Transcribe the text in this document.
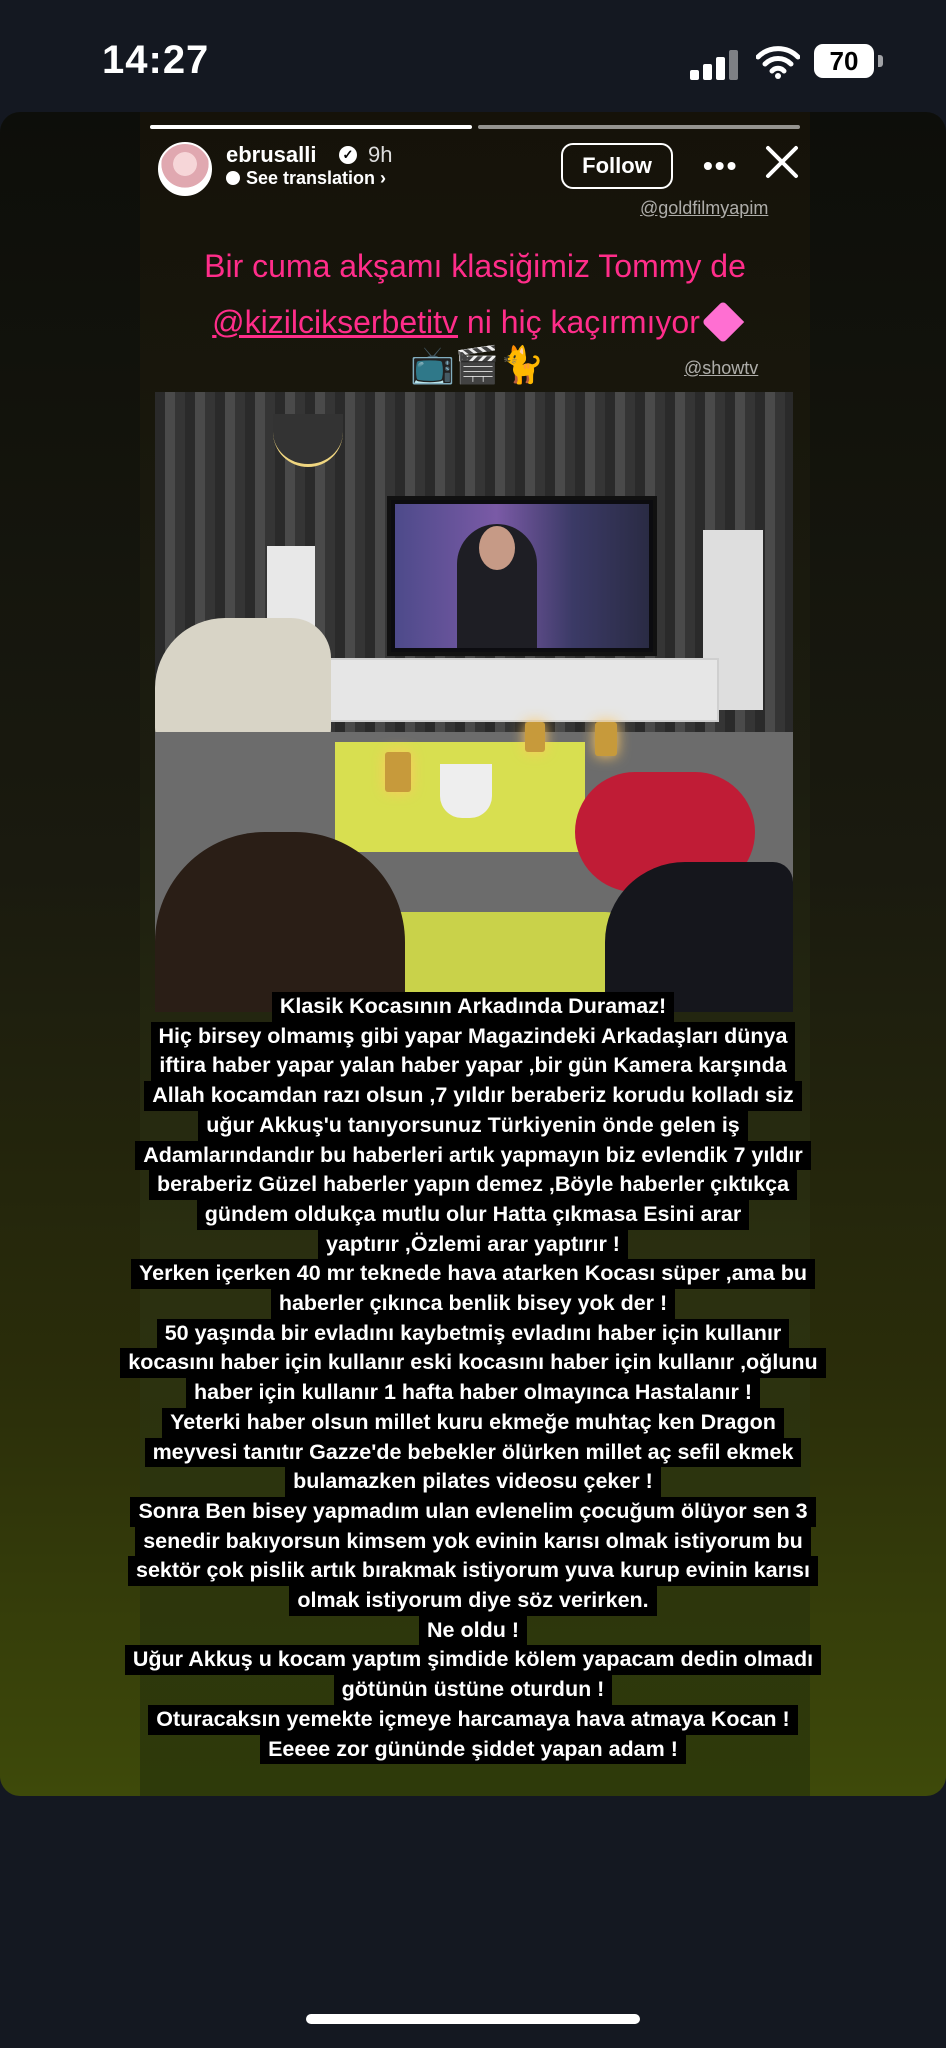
14:27	70
ebrusalli ✓ 9h
See translation ›	Follow	•••
@goldfilmyapim
@showtv
Bir cuma akşamı klasiğimiz Tommy de
@kizilcikserbetitv ni hiç kaçırmıyor
📺🎬🐈
Klasik Kocasının Arkadında Duramaz!
Hiç birsey olmamış gibi yapar Magazindeki Arkadaşları dünya
iftira haber yapar yalan haber yapar ,bir gün Kamera karşında
Allah kocamdan razı olsun ,7 yıldır beraberiz korudu kolladı siz
uğur Akkuş'u tanıyorsunuz Türkiyenin önde gelen iş
Adamlarındandır bu haberleri artık yapmayın biz evlendik 7 yıldır
beraberiz Güzel haberler yapın demez ,Böyle haberler çıktıkça
gündem oldukça mutlu olur Hatta çıkmasa Esini arar
yaptırır ,Özlemi arar yaptırır !
Yerken içerken 40 mr teknede hava atarken Kocası süper ,ama bu
haberler çıkınca benlik bisey yok der !
50 yaşında bir evladını kaybetmiş evladını haber için kullanır
kocasını haber için kullanır eski kocasını haber için kullanır ,oğlunu
haber için kullanır 1 hafta haber olmayınca Hastalanır !
Yeterki haber olsun millet kuru ekmeğe muhtaç ken Dragon
meyvesi tanıtır Gazze'de bebekler ölürken millet aç sefil ekmek
bulamazken pilates videosu çeker !
Sonra Ben bisey yapmadım ulan evlenelim çocuğum ölüyor sen 3
senedir bakıyorsun kimsem yok evinin karısı olmak istiyorum bu
sektör çok pislik artık bırakmak istiyorum yuva kurup evinin karısı
olmak istiyorum diye söz verirken.
Ne oldu !
Uğur Akkuş u kocam yaptım şimdide kölem yapacam dedin olmadı
götünün üstüne oturdun !
Oturacaksın yemekte içmeye harcamaya hava atmaya Kocan !
Eeeee zor gününde şiddet yapan adam !
